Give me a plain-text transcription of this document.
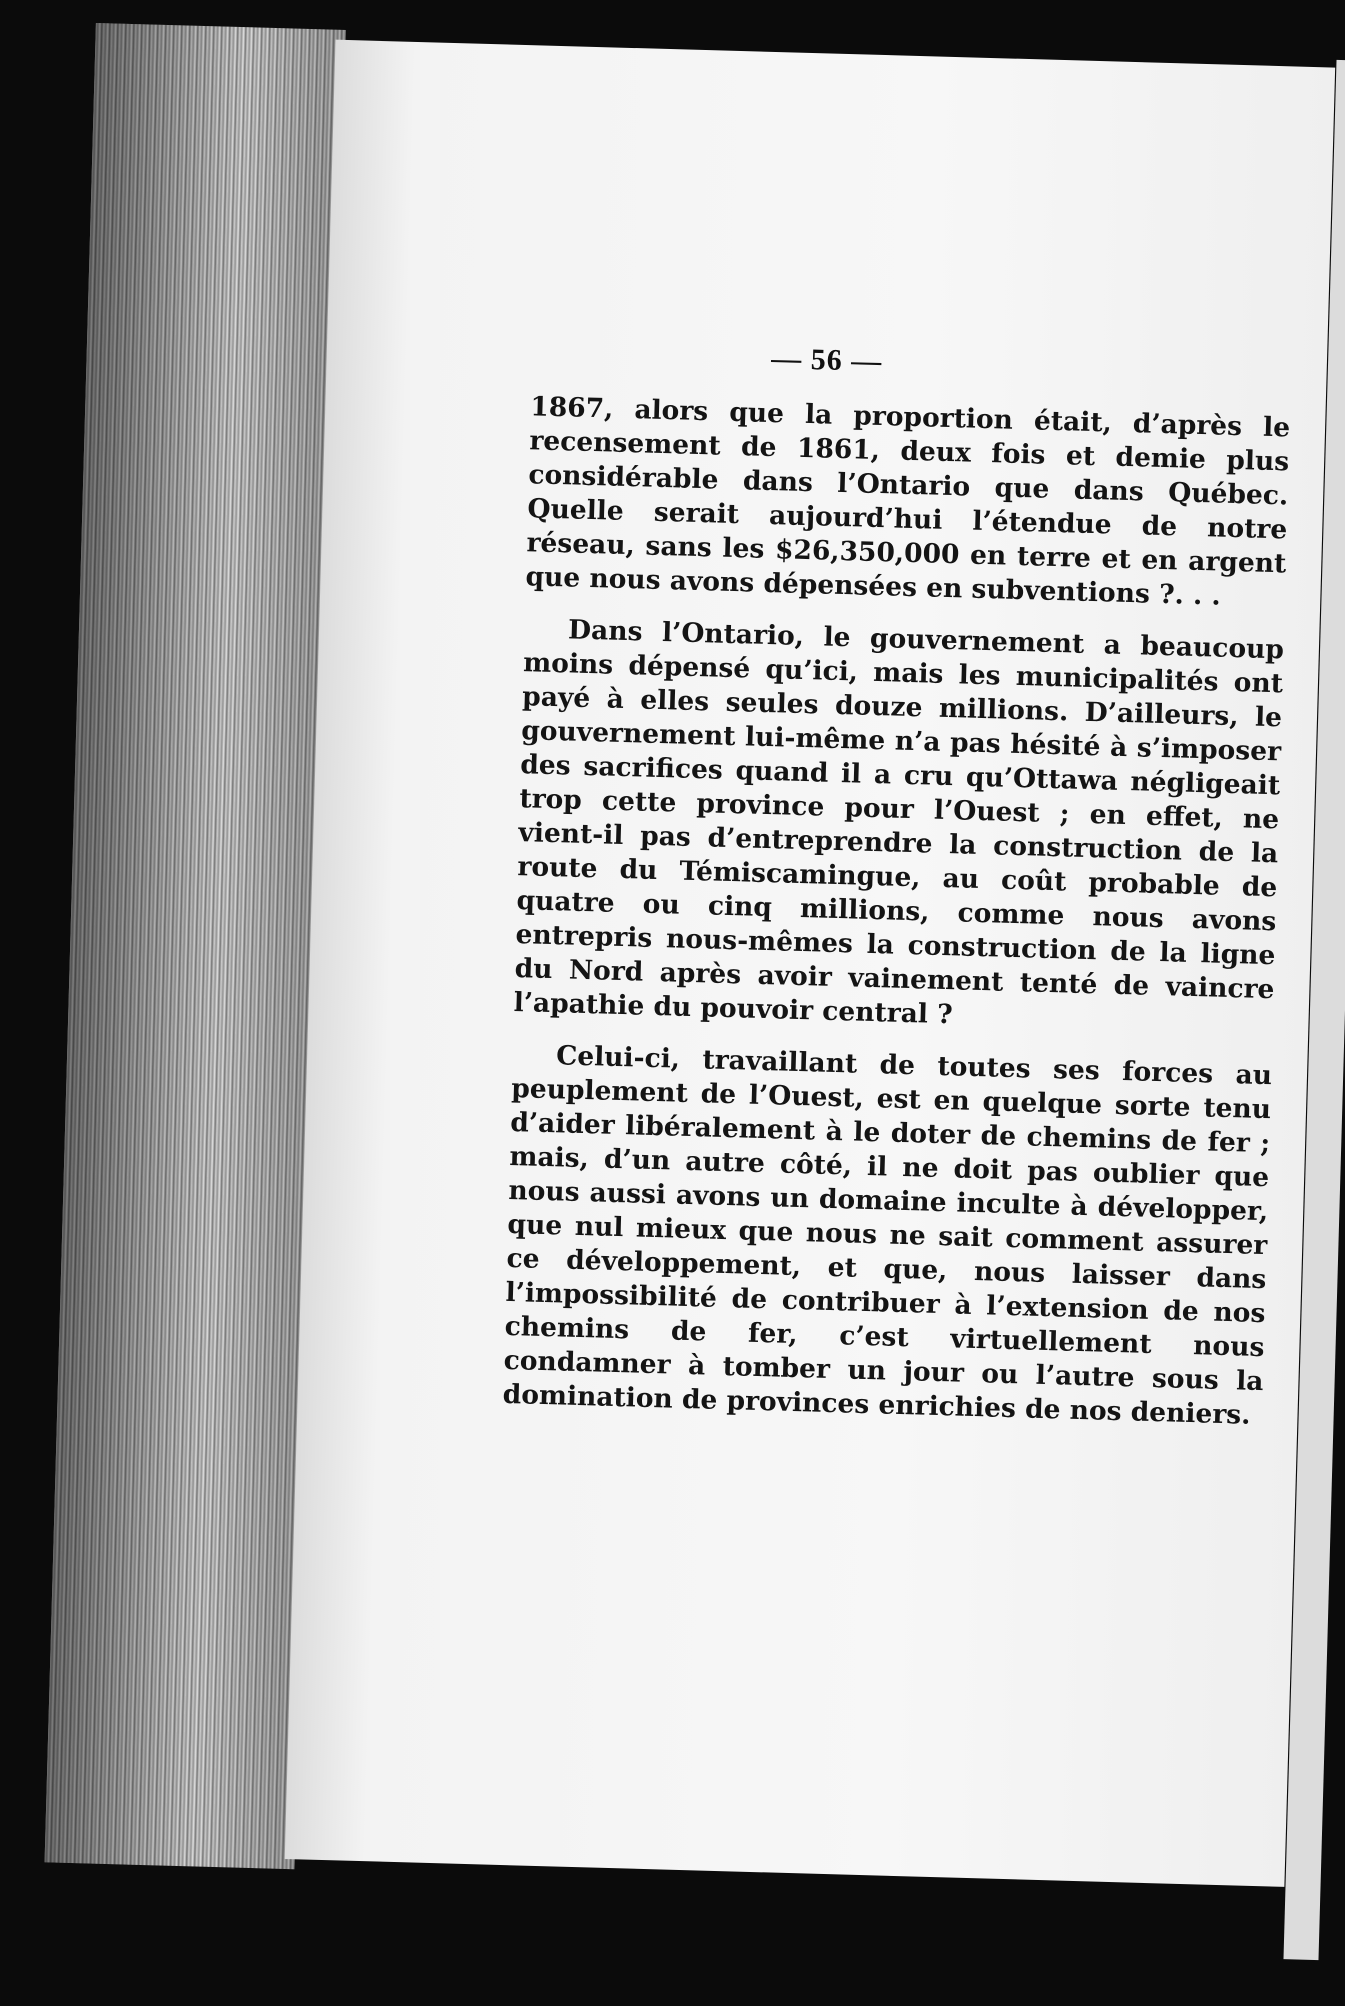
— 56 —

1867, alors que la proportion était, d’après le recensement de 1861, deux fois et demie plus considérable dans l’Ontario que dans Québec. Quelle serait aujourd’hui l’étendue de notre réseau, sans les $26,350,000 en terre et en argent que nous avons dépensées en subventions ?. . .

Dans l’Ontario, le gouvernement a beaucoup moins dépensé qu’ici, mais les municipalités ont payé à elles seules douze millions. D’ailleurs, le gouvernement lui-même n’a pas hésité à s’imposer des sacrifices quand il a cru qu’Ottawa négligeait trop cette province pour l’Ouest ; en effet, ne vient-il pas d’entreprendre la construction de la route du Témiscamingue, au coût probable de quatre ou cinq millions, comme nous avons entrepris nous-mêmes la construction de la ligne du Nord après avoir vainement tenté de vaincre l’apathie du pouvoir central ?

Celui-ci, travaillant de toutes ses forces au peuplement de l’Ouest, est en quelque sorte tenu d’aider libéralement à le doter de chemins de fer ; mais, d’un autre côté, il ne doit pas oublier que nous aussi avons un domaine inculte à développer, que nul mieux que nous ne sait comment assurer ce développement, et que, nous laisser dans l’impossibilité de contribuer à l’extension de nos chemins de fer, c’est virtuellement nous condamner à tomber un jour ou l’autre sous la domination de provinces enrichies de nos deniers.
